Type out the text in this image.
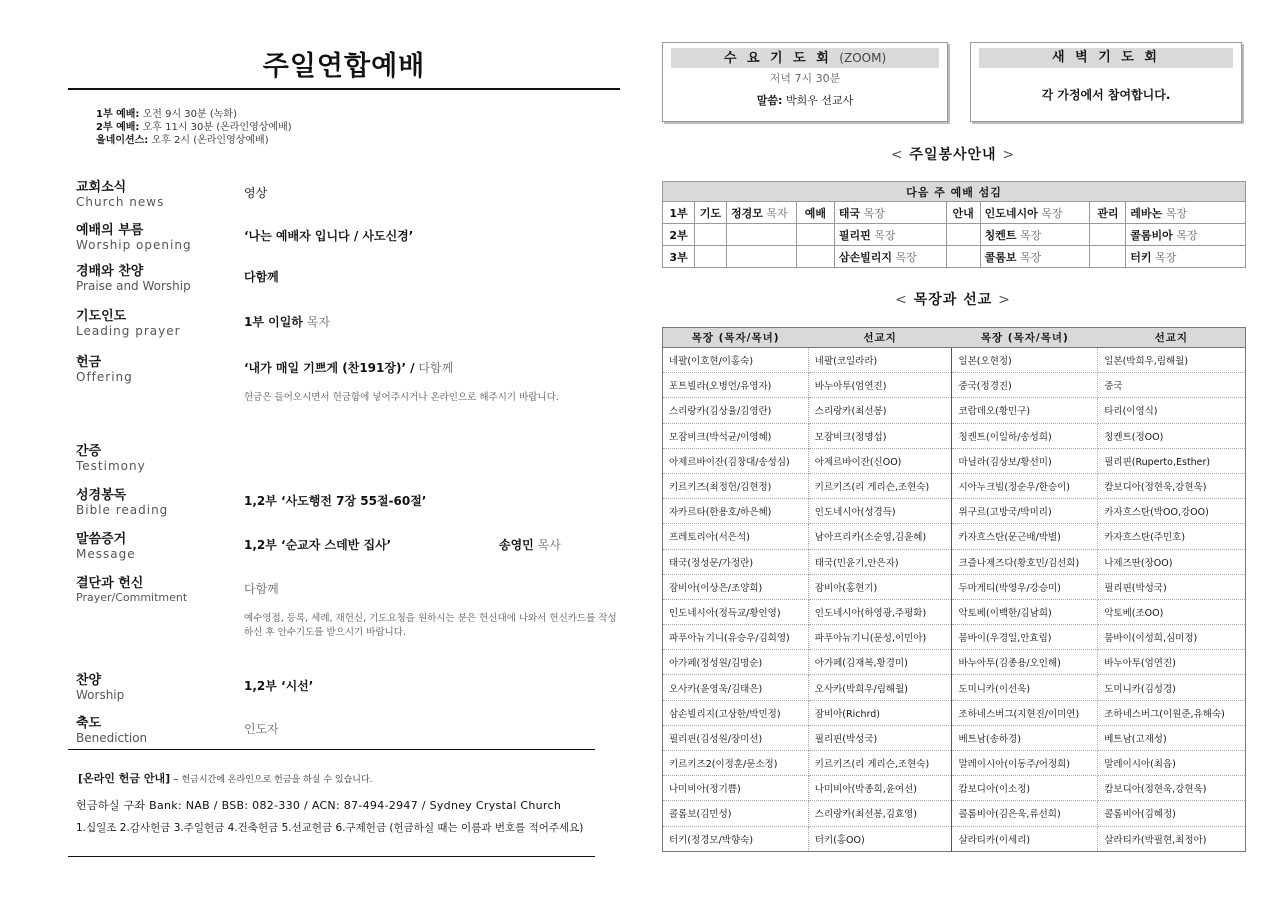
주일연합예배
1부 예배: 오전 9시 30분 (녹화)
2부 예배: 오후 11시 30분 (온라인영상예배)
올네이션스: 오후 2시 (온라인영상예배)
교회소식
Church news
영상
예배의 부름
Worship opening
‘나는 예배자 입니다 / 사도신경’
경배와 찬양
Praise and Worship
다함께
기도인도
Leading prayer
1부 이일하 목자
헌금
Offering
‘내가 매일 기쁘게 (찬191장)’ / 다함께
헌금은 들어오시면서 헌금함에 넣어주시거나 온라인으로 해주시기 바랍니다.
간증
Testimony
성경봉독
Bible reading
1,2부 ‘사도행전 7장 55절-60절’
말씀증거
Message
1,2부 ‘순교자 스데반 집사’	송영민 목사
결단과 헌신
Prayer/Commitment
다함께
예수영접, 등록, 세례, 재헌신, 기도요청을 원하시는 분은 헌신대에 나와서 헌신카드를 작성하신 후 안수기도를 받으시기 바랍니다.
찬양
Worship
1,2부 ‘시선’
축도
Benediction
인도자
[온라인 헌금 안내] – 헌금시간에 온라인으로 헌금을 하실 수 있습니다.
헌금하실 구좌 Bank: NAB / BSB: 082-330 / ACN: 87-494-2947 / Sydney Crystal Church
1.십일조 2.감사헌금 3.주일헌금 4.건축헌금 5.선교헌금 6.구제헌금 (헌금하실 때는 이름과 번호를 적어주세요)
수 요 기 도 회 (ZOOM)
저녁 7시 30분
말씀: 박희우 선교사
새 벽 기 도 회
각 가정에서 참여합니다.
< 주일봉사안내 >
다음 주 예배 섬김								
1부	기도	정경모 목자	예배	태국 목장	안내	인도네시아 목장	관리	레바논 목장
2부				필리핀 목장		칭켄트 목장		콜롬비아 목장
3부				삼손빌리지 목장		콜롬보 목장		터키 목장
< 목장과 선교 >
목장 (목자/목녀)	선교지	목장 (목자/목녀)	선교지
네팔(이호현/이홍숙)	네팔(코일라라)	일본(오현정)	일본(박희우,림해월)
포트빌라(오병언/유영자)	바누아투(엄연진)	중국(정경진)	중국
스리랑카(김상율/김영란)	스리랑카(최선봉)	코람데오(황민구)	타리(이영식)
모잠비크(박석균/이영혜)	모잠비크(정명섭)	칭켄트(이일하/송성희)	칭켄트(정OO)
아제르바이잔(김창대/송성심)	아제르바이잔(신OO)	마닐라(김상보/황선미)	필리핀(Ruperto,Esther)
키르키즈(최정헌/김현정)	키르키즈(리 게리슨,조현숙)	시아누크빌(정순우/한승이)	캄보디아(정현욱,강현욱)
자카르타(한용호/하은혜)	인도네시아(성경득)	위구르(고방국/박미리)	카자흐스탄(박OO,강OO)
프레토리아(서은석)	남아프리카(소순영,김윤혜)	카자흐스탄(문근배/박별)	카자흐스탄(주민호)
태국(정성문/가정란)	태국(민윤기,안은자)	크즐나제즈다(황호민/김선희)	나제즈딴(장OO)
잠비아(이상은/조양희)	잠비아(홍현기)	두마게티(박영우/강승미)	필리핀(박성국)
인도네시아(정득교/황인영)	인도네시아(하영광,주평화)	악토베(이백한/김남희)	악토베(조OO)
파푸아뉴기니(유승우/김희영)	파푸아뉴기니(문성,이민아)	뭄바이(우경일,안효림)	뭄바이(이성희,심미정)
아가페(정성원/김명순)	아가페(김재복,황경미)	바누아투(김종용/오인해)	바누아투(엄연진)
오사카(윤영욱/김태은)	오사카(박희우/림해월)	도미니카(이선욱)	도미니카(김성경)
삼손빌리지(고상한/박민정)	잠비아(Richrd)	조하네스버그(지현진/이미연)	조하네스버그(이원준,유해숙)
필리핀(김성원/장미선)	필리핀(박성국)	베트남(송하경)	베트남(고재성)
키르키즈2(이정훈/문소정)	키르키즈(리 게리슨,조현숙)	말레이시아(이동주/어정희)	말레이시아(최읍)
나미비아(정기쁨)	나미비아(박종희,윤여선)	캄보디아(이소정)	캄보디아(정현욱,강현욱)
콜롬보(김민성)	스리랑카(최선봉,김효영)	콜롬비아(김은욱,류선희)	콜롬비아(김혜정)
터키(정경모/박향숙)	터키(홍OO)	살라티카(이세리)	살라티카(박필현,최정아)
